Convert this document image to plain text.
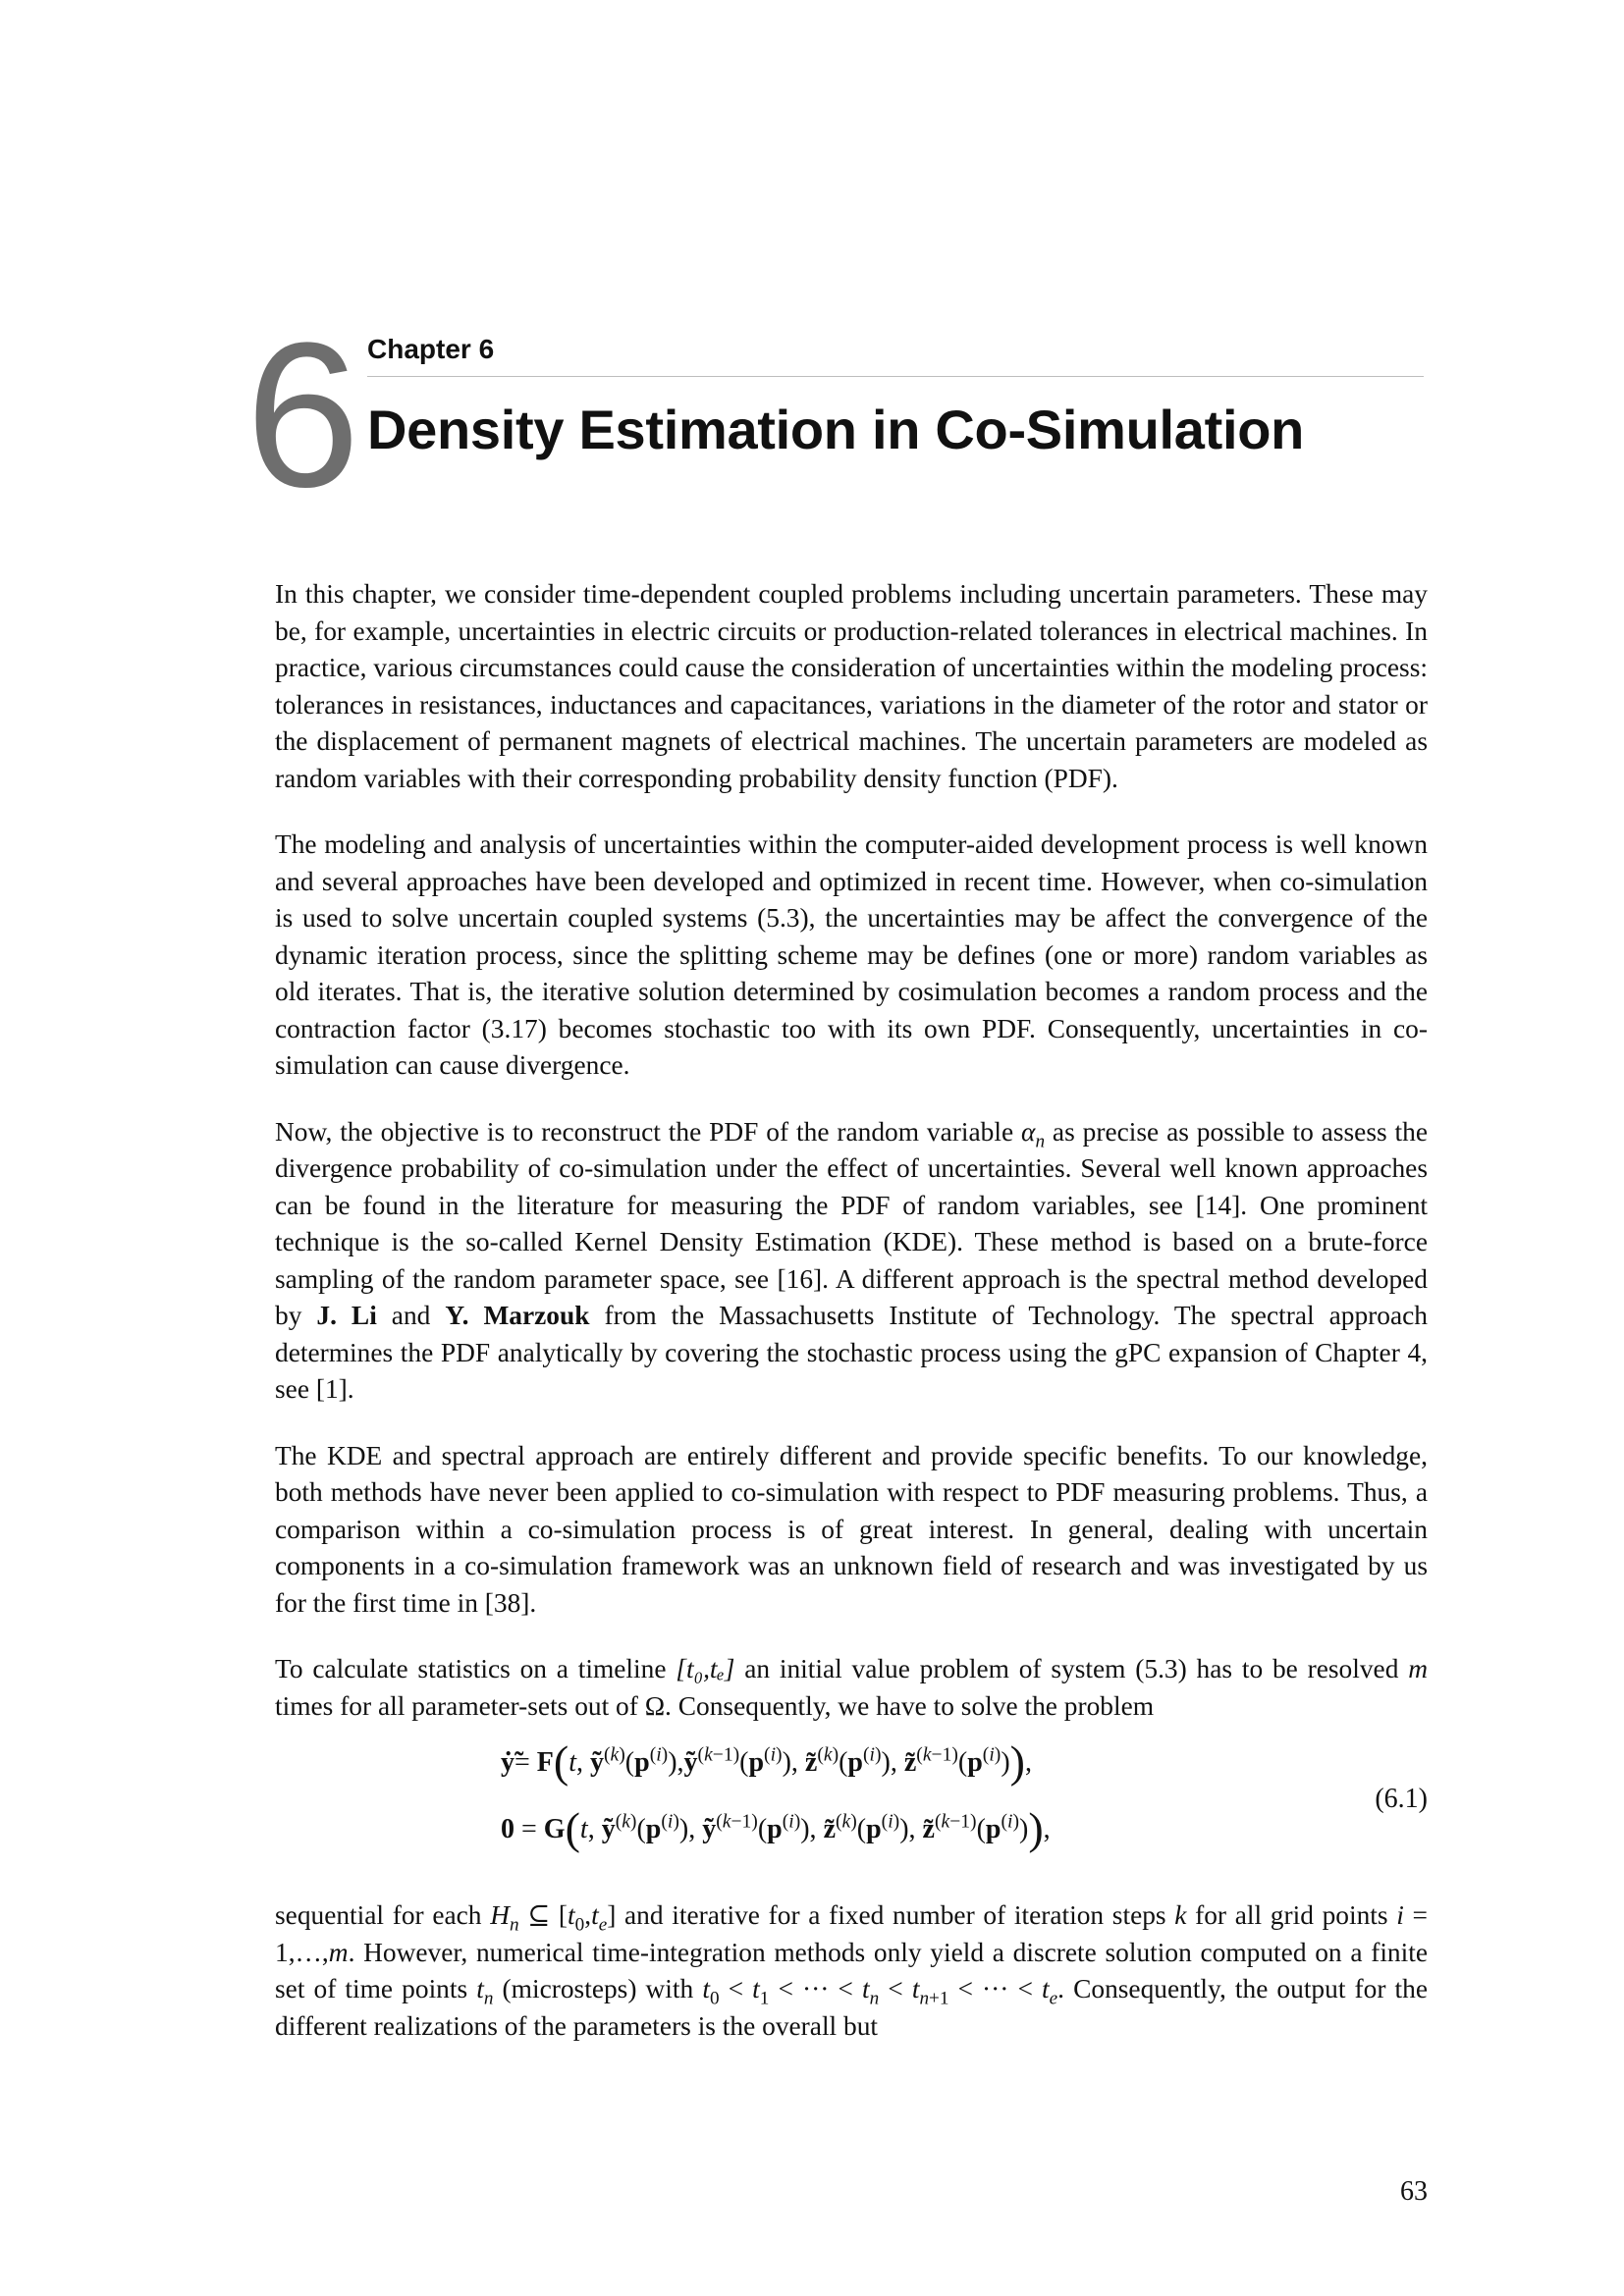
6 Chapter 6
Density Estimation in Co-Simulation

In this chapter, we consider time-dependent coupled problems including uncertain parameters. These may be, for example, uncertainties in electric circuits or production-related tolerances in electrical machines. In practice, various circumstances could cause the consideration of uncertainties within the modeling process: tolerances in resistances, inductances and capacitances, variations in the diameter of the rotor and stator or the displacement of permanent magnets of electrical machines. The uncertain parameters are modeled as random variables with their corresponding probability density function (PDF).

The modeling and analysis of uncertainties within the computer-aided development process is well known and several approaches have been developed and optimized in recent time. However, when co-simulation is used to solve uncertain coupled systems (5.3), the uncertainties may be affect the convergence of the dynamic iteration process, since the splitting scheme may be defines (one or more) random variables as old iterates. That is, the iterative solution determined by cosimulation becomes a random process and the contraction factor (3.17) becomes stochastic too with its own PDF. Consequently, uncertainties in co-simulation can cause divergence.

Now, the objective is to reconstruct the PDF of the random variable $\alpha_n$ as precise as possible to assess the divergence probability of co-simulation under the effect of uncertainties. Several well known approaches can be found in the literature for measuring the PDF of random variables, see [14]. One prominent technique is the so-called Kernel Density Estimation (KDE). These method is based on a brute-force sampling of the random parameter space, see [16]. A different approach is the spectral method developed by J. Li and Y. Marzouk from the Massachusetts Institute of Technology. The spectral approach determines the PDF analytically by covering the stochastic process using the gPC expansion of Chapter 4, see [1].

The KDE and spectral approach are entirely different and provide specific benefits. To our knowledge, both methods have never been applied to co-simulation with respect to PDF measuring problems. Thus, a comparison within a co-simulation process is of great interest. In general, dealing with uncertain components in a co-simulation framework was an unknown field of research and was investigated by us for the first time in [38].

To calculate statistics on a timeline [t₀,tₑ] an initial value problem of system (5.3) has to be resolved m times for all parameter-sets out of Ω. Consequently, we have to solve the problem

ẏ̃= F(t, $ỹ^{(k)}(p^{(i)}),ỹ^{(k-1)}(p^{(i)})$, $z̃^{(k)}(p^{(i)})$, $z̃^{(k-1)}(p^{(i)})$),
0 = G(t, $ỹ^{(k)}(p^{(i)})$, $ỹ^{(k-1)}(p^{(i)})$, $z̃^{(k)}(p^{(i)})$, $z̃^{(k-1)}(p^{(i)})$),
(6.1)

sequential for each $H_n$ ⊆ $[t_0,t_e]$ and iterative for a fixed number of iteration steps k for all grid points i = 1,…,m. However, numerical time-integration methods only yield a discrete solution computed on a finite set of time points $t_n$ (microsteps) with $t_0 < t_1$ < ··· < $t_n < t_{n+1}$ < ··· < $t_e$. Consequently, the output for the different realizations of the parameters is the overall but

63
